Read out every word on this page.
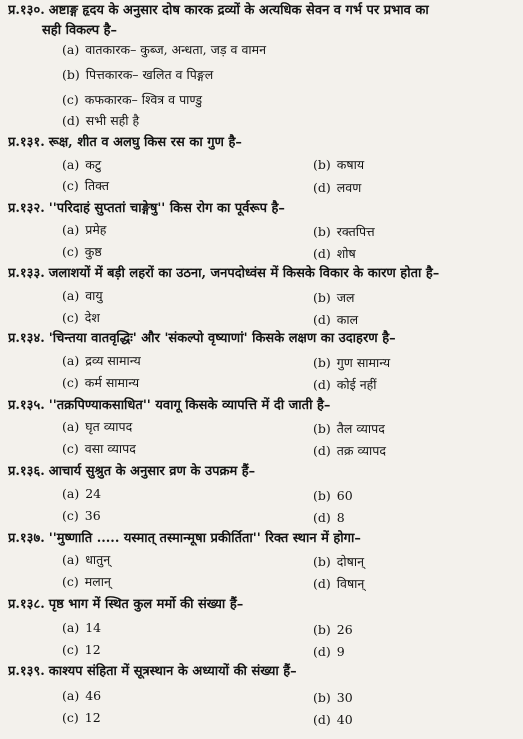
प्र.१३०. अष्टाङ्ग हृदय के अनुसार दोष कारक द्रव्यों के अत्यधिक सेवन व गर्भ पर प्रभाव का
सही विकल्प है–
(a) वातकारक– कुब्ज, अन्धता, जड़ व वामन
(b) पित्तकारक– खलित व पिङ्गल
(c) कफकारक– श्वित्र व पाण्डु
(d) सभी सही है
प्र.१३१. रूक्ष, शीत व अलघु किस रस का गुण है–
(a) कटु	(b) कषाय
(c) तिक्त	(d) लवण
प्र.१३२. ''परिदाहं सुप्ततां चाङ्गेषु'' किस रोग का पूर्वरूप है–
(a) प्रमेह	(b) रक्तपित्त
(c) कुष्ठ	(d) शोष
प्र.१३३. जलाशयों में बड़ी लहरों का उठना, जनपदोध्वंस में किसके विकार के कारण होता है–
(a) वायु	(b) जल
(c) देश	(d) काल
प्र.१३४. 'चिन्तया वातवृद्धिः' और 'संकल्पो वृष्याणां' किसके लक्षण का उदाहरण है–
(a) द्रव्य सामान्य	(b) गुण सामान्य
(c) कर्म सामान्य	(d) कोई नहीं
प्र.१३५. ''तक्रपिण्याकसाधित'' यवागू किसके व्यापत्ति में दी जाती है–
(a) घृत व्यापद	(b) तैल व्यापद
(c) वसा व्यापद	(d) तक्र व्यापद
प्र.१३६. आचार्य सुश्रुत के अनुसार व्रण के उपक्रम हैं–
(a) 24	(b) 60
(c) 36	(d) 8
प्र.१३७. ''मुष्णाति ..... यस्मात् तस्मान्मूषा प्रकीर्तिता'' रिक्त स्थान में होगा–
(a) धातुन्	(b) दोषान्
(c) मलान्	(d) विषान्
प्र.१३८. पृष्ठ भाग में स्थित कुल मर्मो की संख्या हैं–
(a) 14	(b) 26
(c) 12	(d) 9
प्र.१३९. काश्यप संहिता में सूत्रस्थान के अध्यायों की संख्या हैं–
(a) 46	(b) 30
(c) 12	(d) 40
